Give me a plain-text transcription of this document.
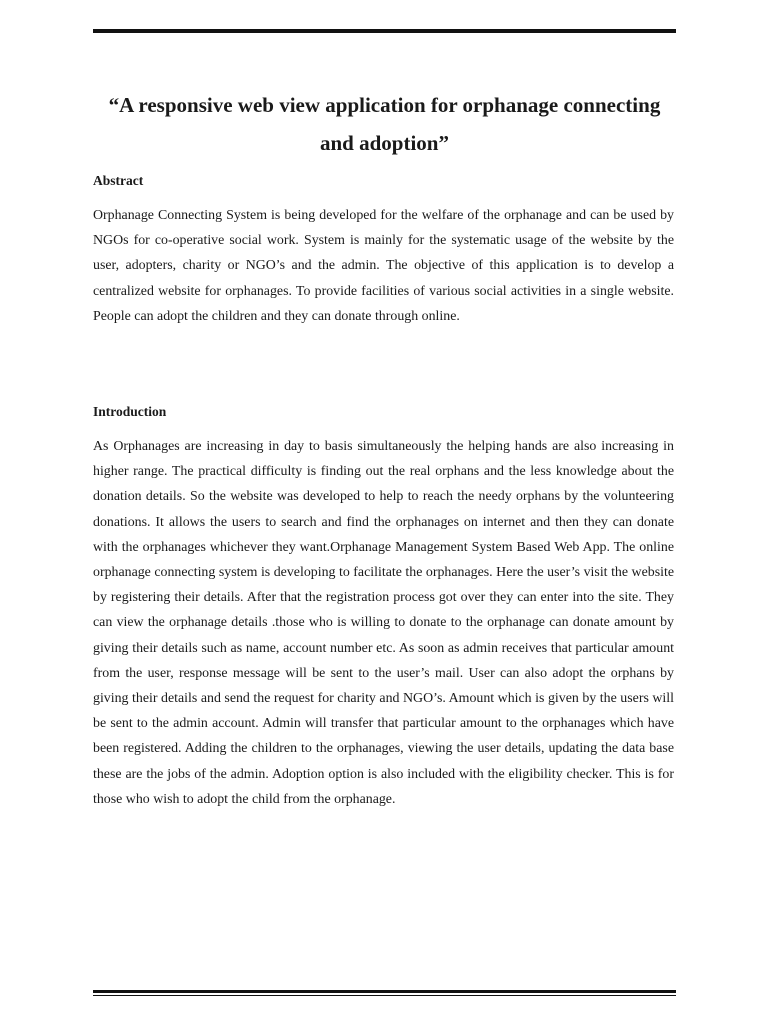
“A responsive web view application for orphanage connecting and adoption”
Abstract

Orphanage Connecting System is being developed for the welfare of the orphanage and can be used by NGOs for co-operative social work. System is mainly for the systematic usage of the website by the user, adopters, charity or NGO’s and the admin. The objective of this application is to develop a centralized website for orphanages. To provide facilities of various social activities in a single website. People can adopt the children and they can donate through online.

Introduction

As Orphanages are increasing in day to basis simultaneously the helping hands are also increasing in higher range. The practical difficulty is finding out the real orphans and the less knowledge about the donation details. So the website was developed to help to reach the needy orphans by the volunteering donations. It allows the users to search and find the orphanages on internet and then they can donate with the orphanages whichever they want.Orphanage Management System Based Web App. The online orphanage connecting system is developing to facilitate the orphanages. Here the user’s visit the website by registering their details. After that the registration process got over they can enter into the site. They can view the orphanage details .those who is willing to donate to the orphanage can donate amount by giving their details such as name, account number etc. As soon as admin receives that particular amount from the user, response message will be sent to the user’s mail. User can also adopt the orphans by giving their details and send the request for charity and NGO’s. Amount which is given by the users will be sent to the admin account. Admin will transfer that particular amount to the orphanages which have been registered. Adding the children to the orphanages, viewing the user details, updating the data base these are the jobs of the admin. Adoption option is also included with the eligibility checker. This is for those who wish to adopt the child from the orphanage.
